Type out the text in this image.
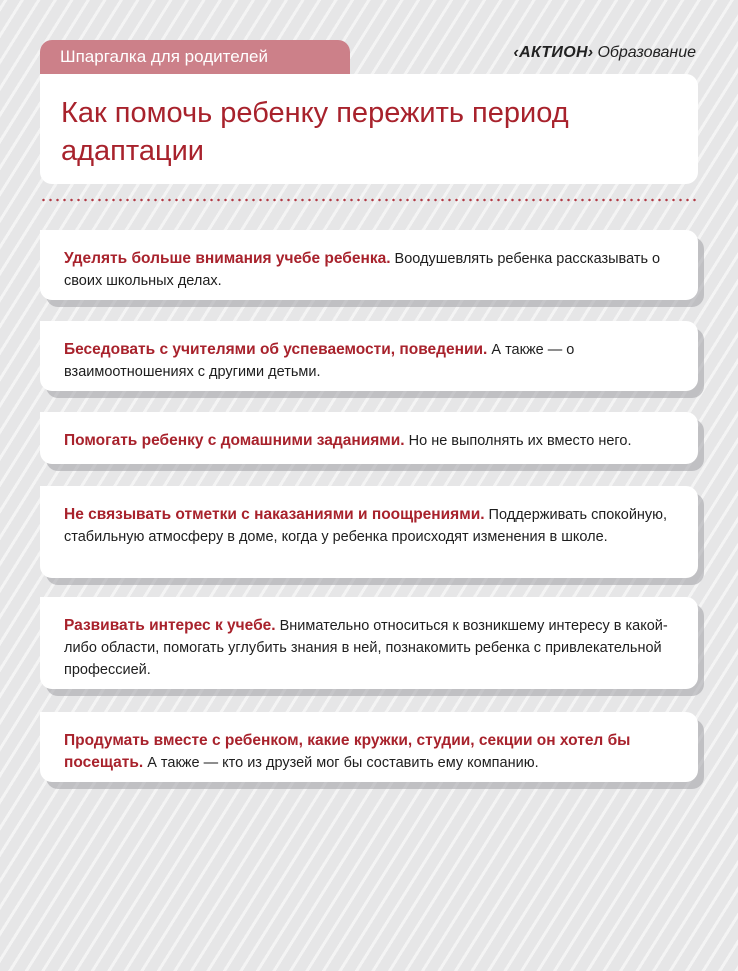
Шпаргалка для родителей	‹АКТИОН› Образование
Как помочь ребенку пережить период адаптации
Уделять больше внимания учебе ребенка. Воодушевлять ребенка рассказывать о своих школьных делах.
Беседовать с учителями об успеваемости, поведении. А также — о взаимоотношениях с другими детьми.
Помогать ребенку с домашними заданиями. Но не выполнять их вместо него.
Не связывать отметки с наказаниями и поощрениями. Поддерживать спокойную, стабильную атмосферу в доме, когда у ребенка происходят изменения в школе.
Развивать интерес к учебе. Внимательно относиться к возникшему интересу в какой-либо области, помогать углубить знания в ней, познакомить ребенка с привлекательной профессией.
Продумать вместе с ребенком, какие кружки, студии, секции он хотел бы посещать. А также — кто из друзей мог бы составить ему компанию.
